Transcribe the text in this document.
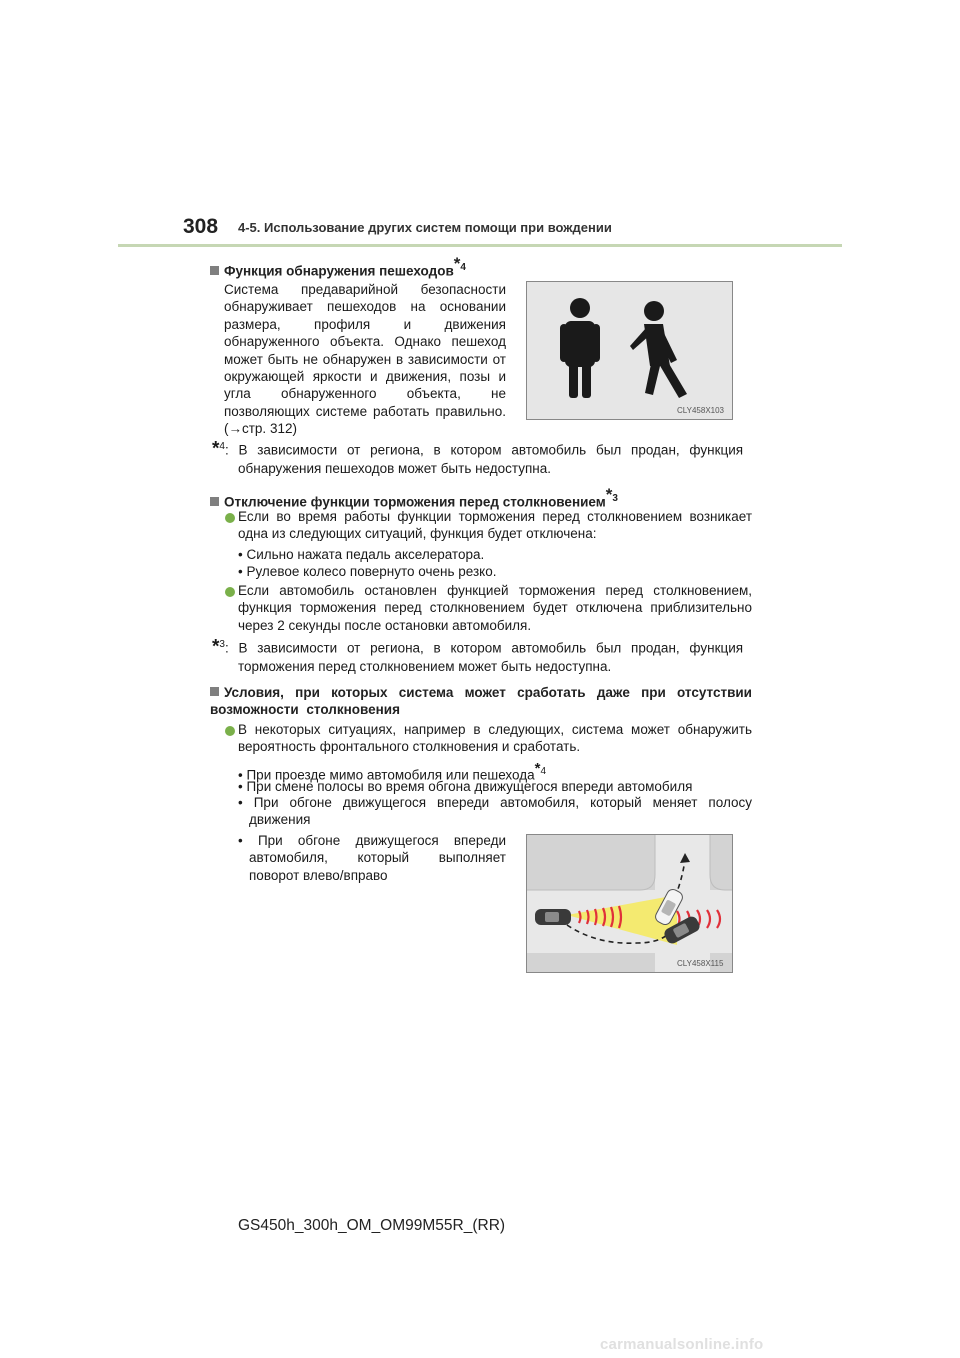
308 4-5. Использование других систем помощи при вождении
Функция обнаружения пешеходов$^{*4}$
Система предаварийной безопасности обнаруживает пешеходов на основании размера, профиля и движения обнаруженного объекта. Однако пешеход может быть не обнаружен в зависимости от окружающей яркости и движения, позы и угла обнаруженного объекта, не позволяющих системе работать правильно. (→стр. 312)
CLY458X103
*$^4$: В зависимости от региона, в котором автомобиль был продан, функция
обнаружения пешеходов может быть недоступна.
Отключение функции торможения перед столкновением$^{*3}$
Если во время работы функции торможения перед столкновением возникает одна из следующих ситуаций, функция будет отключена:
• Сильно нажата педаль акселератора.
• Рулевое колесо повернуто очень резко.
Если автомобиль остановлен функцией торможения перед столкновением, функция торможения перед столкновением будет отключена приблизительно через 2 секунды после остановки автомобиля.
*$^3$: В зависимости от региона, в котором автомобиль был продан, функция
торможения перед столкновением может быть недоступна.
Условия, при которых система может сработать даже при отсутствии возможности столкновения
В некоторых ситуациях, например в следующих, система может обнаружить вероятность фронтального столкновения и сработать.
• При проезде мимо автомобиля или пешехода$^{*4}$
• При смене полосы во время обгона движущегося впереди автомобиля
• При обгоне движущегося впереди автомобиля, который меняет полосу движения
• При обгоне движущегося впереди автомобиля, который выполняет поворот влево/вправо
CLY458X115
GS450h_300h_OM_OM99M55R_(RR)
carmanualsonline.info
